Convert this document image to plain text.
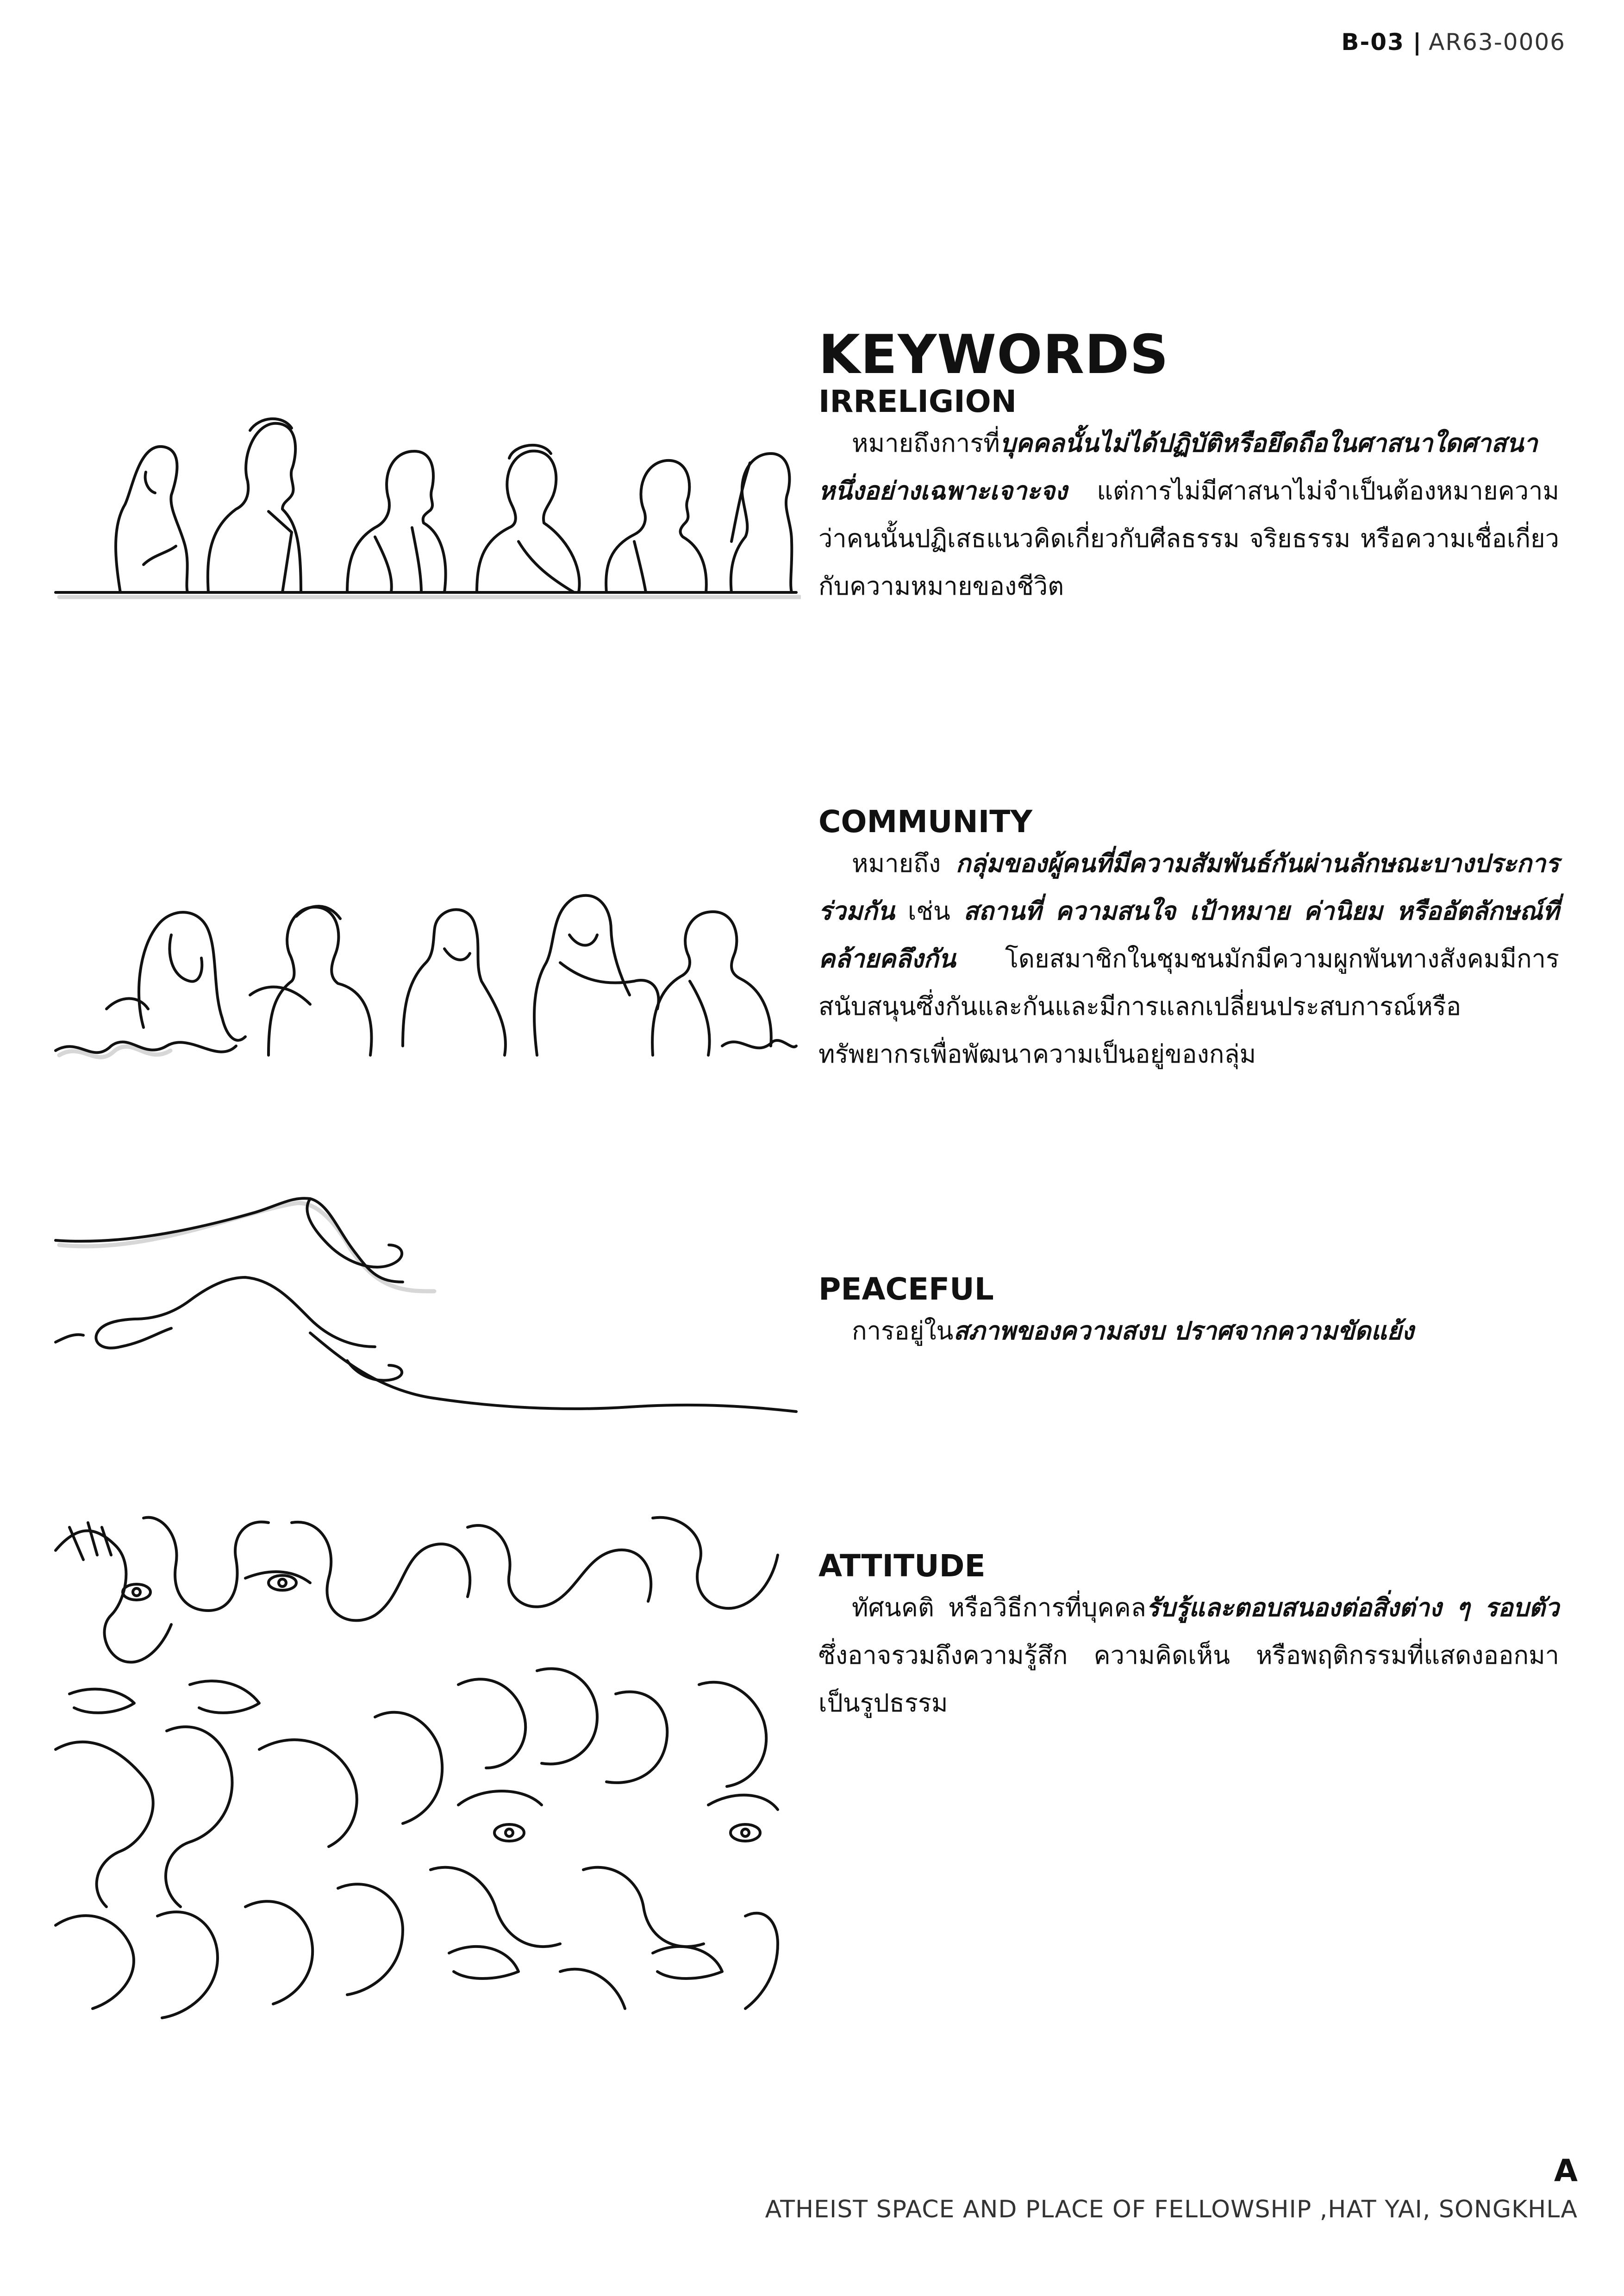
B-03 | AR63-0006
KEYWORDS
IRRELIGION

หมายถึงการที่บุคคลนั้นไม่ได้ปฏิบัติหรือยึดถือในศาสนาใดศาสนาหนึ่งอย่างเฉพาะเจาะจง แต่การไม่มีศาสนาไม่จำเป็นต้องหมายความว่าคนนั้นปฏิเสธแนวคิดเกี่ยวกับศีลธรรม จริยธรรม หรือความเชื่อเกี่ยวกับความหมายของชีวิต

COMMUNITY

หมายถึง กลุ่มของผู้คนที่มีความสัมพันธ์กันผ่านลักษณะบางประการร่วมกัน เช่น สถานที่ ความสนใจ เป้าหมาย ค่านิยม หรืออัตลักษณ์ที่คล้ายคลึงกัน โดยสมาชิกในชุมชนมักมีความผูกพันทางสังคมมีการสนับสนุนซึ่งกันและกันและมีการแลกเปลี่ยนประสบการณ์หรือทรัพยากรเพื่อพัฒนาความเป็นอยู่ของกลุ่ม

PEACEFUL

การอยู่ในสภาพของความสงบ ปราศจากความขัดแย้ง

ATTITUDE

ทัศนคติ หรือวิธีการที่บุคคลรับรู้และตอบสนองต่อสิ่งต่าง ๆ รอบตัว ซึ่งอาจรวมถึงความรู้สึก ความคิดเห็น หรือพฤติกรรมที่แสดงออกมาเป็นรูปธรรม

A
ATHEIST SPACE AND PLACE OF FELLOWSHIP ,HAT YAI, SONGKHLA
